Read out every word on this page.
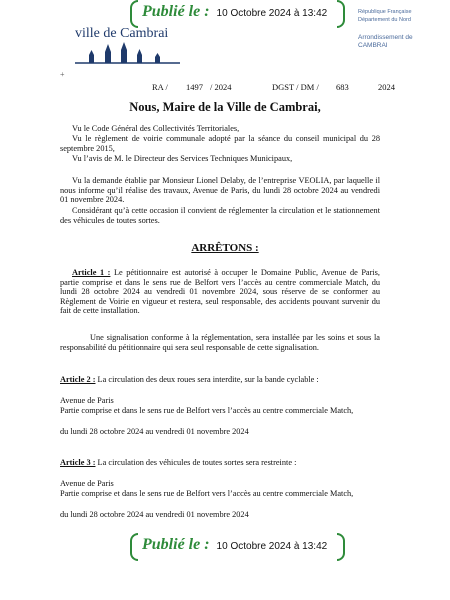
Publié le : 10 Octobre 2024 à 13:42
ville de Cambrai
République Française
Département du Nord
Arrondissement de
CAMBRAI
+
RA / 1497 / 2024	DGST / DM / 683	2024
Nous, Maire de la Ville de Cambrai,
Vu le Code Général des Collectivités Territoriales,
Vu le règlement de voirie communale adopté par la séance du conseil municipal du 28 septembre 2015,
Vu l’avis de M. le Directeur des Services Techniques Municipaux,
Vu la demande établie par Monsieur Lionel Delaby, de l’entreprise VEOLIA, par laquelle il nous informe qu’il réalise des travaux, Avenue de Paris, du lundi 28 octobre 2024 au vendredi 01 novembre 2024.
Considérant qu’à cette occasion il convient de réglementer la circulation et le stationnement des véhicules de toutes sortes.
ARRÊTONS :
Article 1 : Le pétitionnaire est autorisé à occuper le Domaine Public, Avenue de Paris, partie comprise et dans le sens rue de Belfort vers l’accès au centre commerciale Match, du lundi 28 octobre 2024 au vendredi 01 novembre 2024, sous réserve de se conformer au Règlement de Voirie en vigueur et restera, seul responsable, des accidents pouvant survenir du fait de cette installation.
Une signalisation conforme à la réglementation, sera installée par les soins et sous la responsabilité du pétitionnaire qui sera seul responsable de cette signalisation.
Article 2 : La circulation des deux roues sera interdite, sur la bande cyclable :
Avenue de Paris
Partie comprise et dans le sens rue de Belfort vers l’accès au centre commerciale Match,
du lundi 28 octobre 2024 au vendredi 01 novembre 2024
Article 3 : La circulation des véhicules de toutes sortes sera restreinte :
Avenue de Paris
Partie comprise et dans le sens rue de Belfort vers l’accès au centre commerciale Match,
du lundi 28 octobre 2024 au vendredi 01 novembre 2024
Publié le : 10 Octobre 2024 à 13:42
